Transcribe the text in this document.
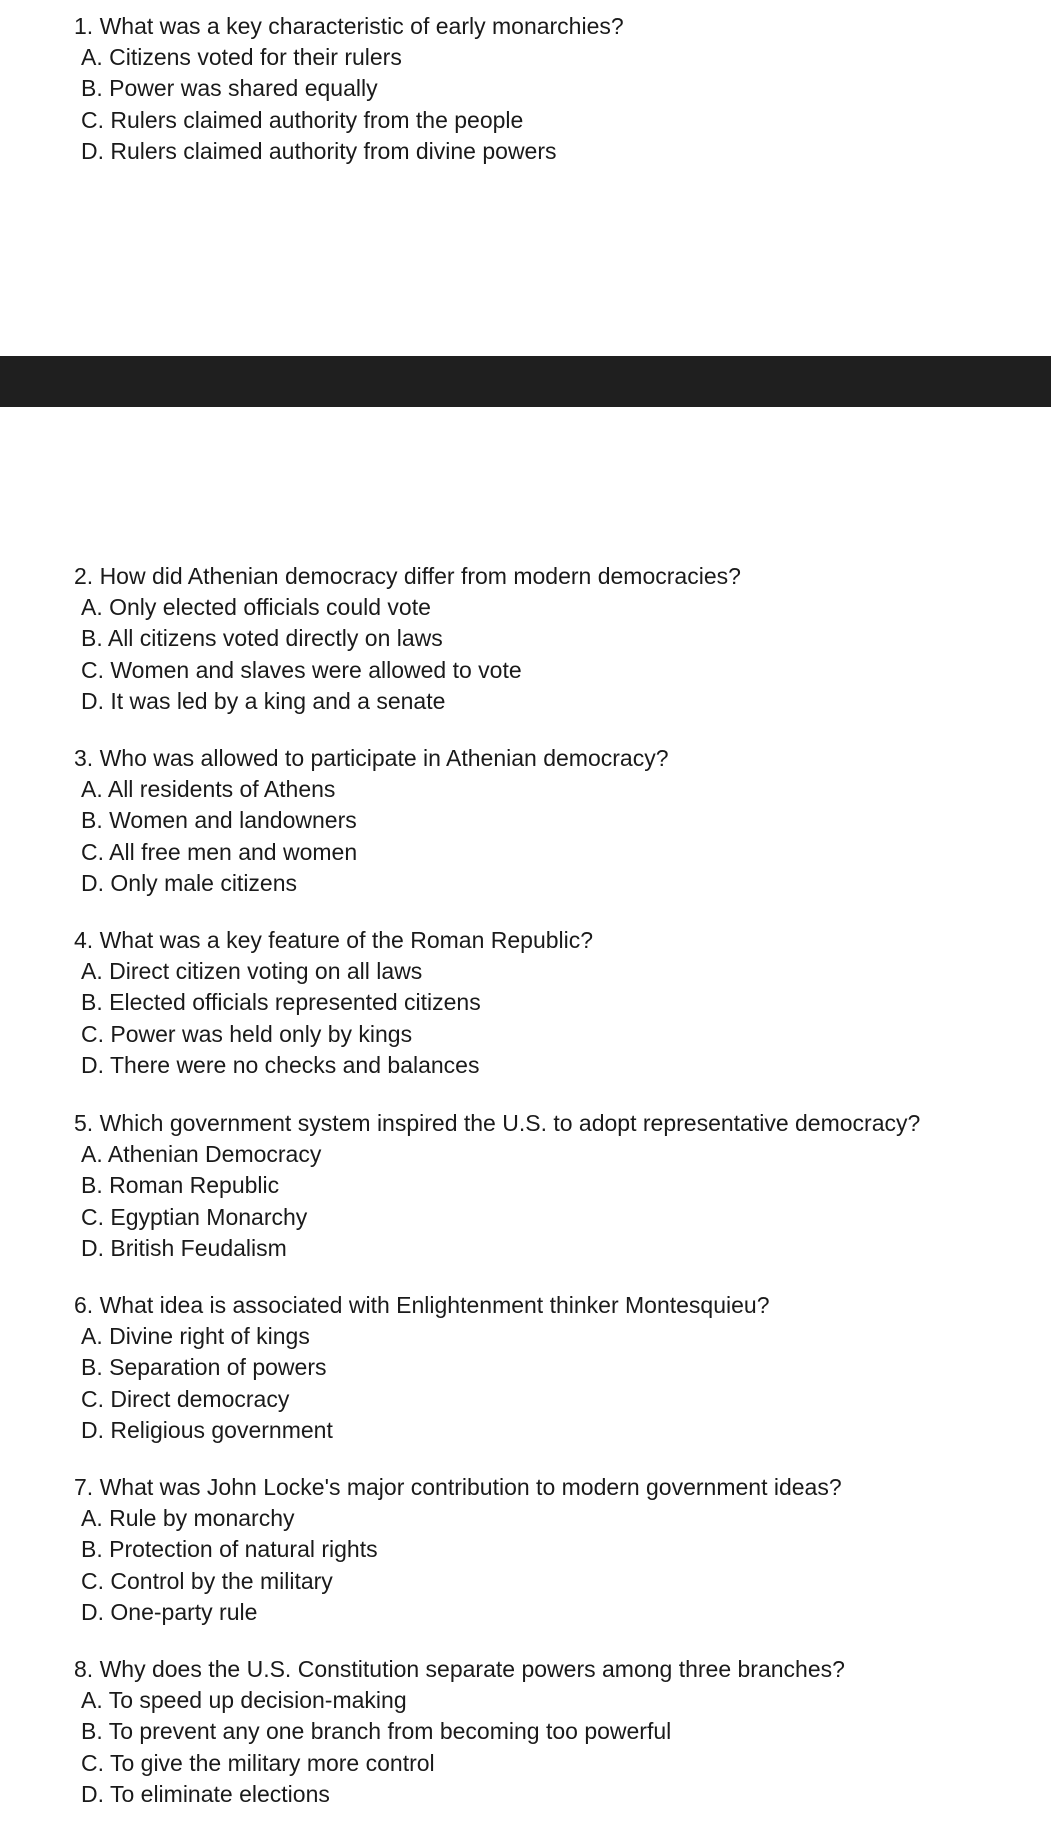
1. What was a key characteristic of early monarchies?
A. Citizens voted for their rulers
B. Power was shared equally
C. Rulers claimed authority from the people
D. Rulers claimed authority from divine powers
2. How did Athenian democracy differ from modern democracies?
A. Only elected officials could vote
B. All citizens voted directly on laws
C. Women and slaves were allowed to vote
D. It was led by a king and a senate
3. Who was allowed to participate in Athenian democracy?
A. All residents of Athens
B. Women and landowners
C. All free men and women
D. Only male citizens
4. What was a key feature of the Roman Republic?
A. Direct citizen voting on all laws
B. Elected officials represented citizens
C. Power was held only by kings
D. There were no checks and balances
5. Which government system inspired the U.S. to adopt representative democracy?
A. Athenian Democracy
B. Roman Republic
C. Egyptian Monarchy
D. British Feudalism
6. What idea is associated with Enlightenment thinker Montesquieu?
A. Divine right of kings
B. Separation of powers
C. Direct democracy
D. Religious government
7. What was John Locke's major contribution to modern government ideas?
A. Rule by monarchy
B. Protection of natural rights
C. Control by the military
D. One-party rule
8. Why does the U.S. Constitution separate powers among three branches?
A. To speed up decision-making
B. To prevent any one branch from becoming too powerful
C. To give the military more control
D. To eliminate elections
